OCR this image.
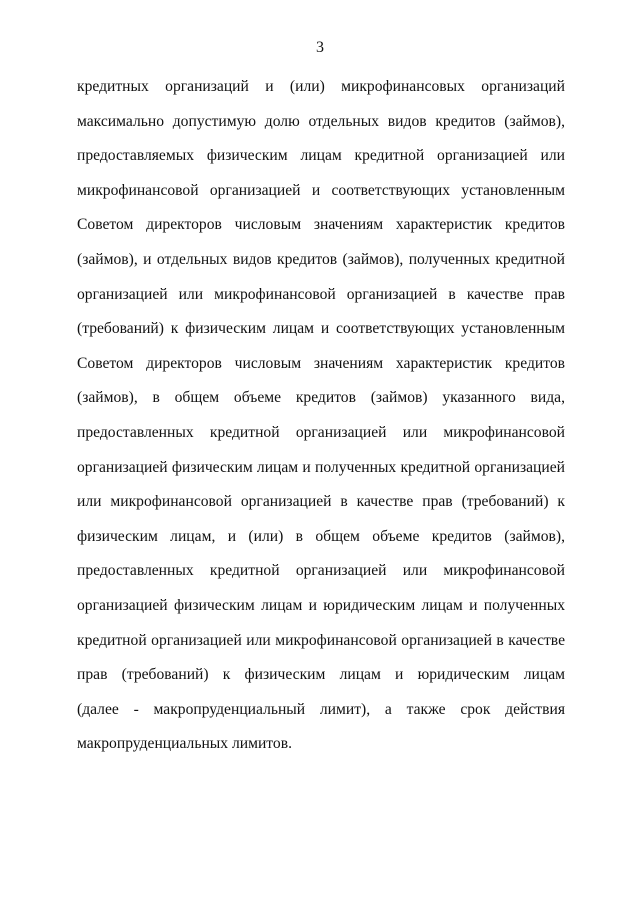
3
кредитных организаций и (или) микрофинансовых организаций
максимально допустимую долю отдельных видов кредитов (займов),
предоставляемых физическим лицам кредитной организацией или
микрофинансовой организацией и соответствующих установленным
Советом директоров числовым значениям характеристик кредитов
(займов), и отдельных видов кредитов (займов), полученных кредитной
организацией или микрофинансовой организацией в качестве прав
(требований) к физическим лицам и соответствующих установленным
Советом директоров числовым значениям характеристик кредитов
(займов), в общем объеме кредитов (займов) указанного вида,
предоставленных кредитной организацией или микрофинансовой
организацией физическим лицам и полученных кредитной организацией
или микрофинансовой организацией в качестве прав (требований) к
физическим лицам, и (или) в общем объеме кредитов (займов),
предоставленных кредитной организацией или микрофинансовой
организацией физическим лицам и юридическим лицам и полученных
кредитной организацией или микрофинансовой организацией в качестве
прав (требований) к физическим лицам и юридическим лицам
(далее - макропруденциальный лимит), а также срок действия
макропруденциальных лимитов.
